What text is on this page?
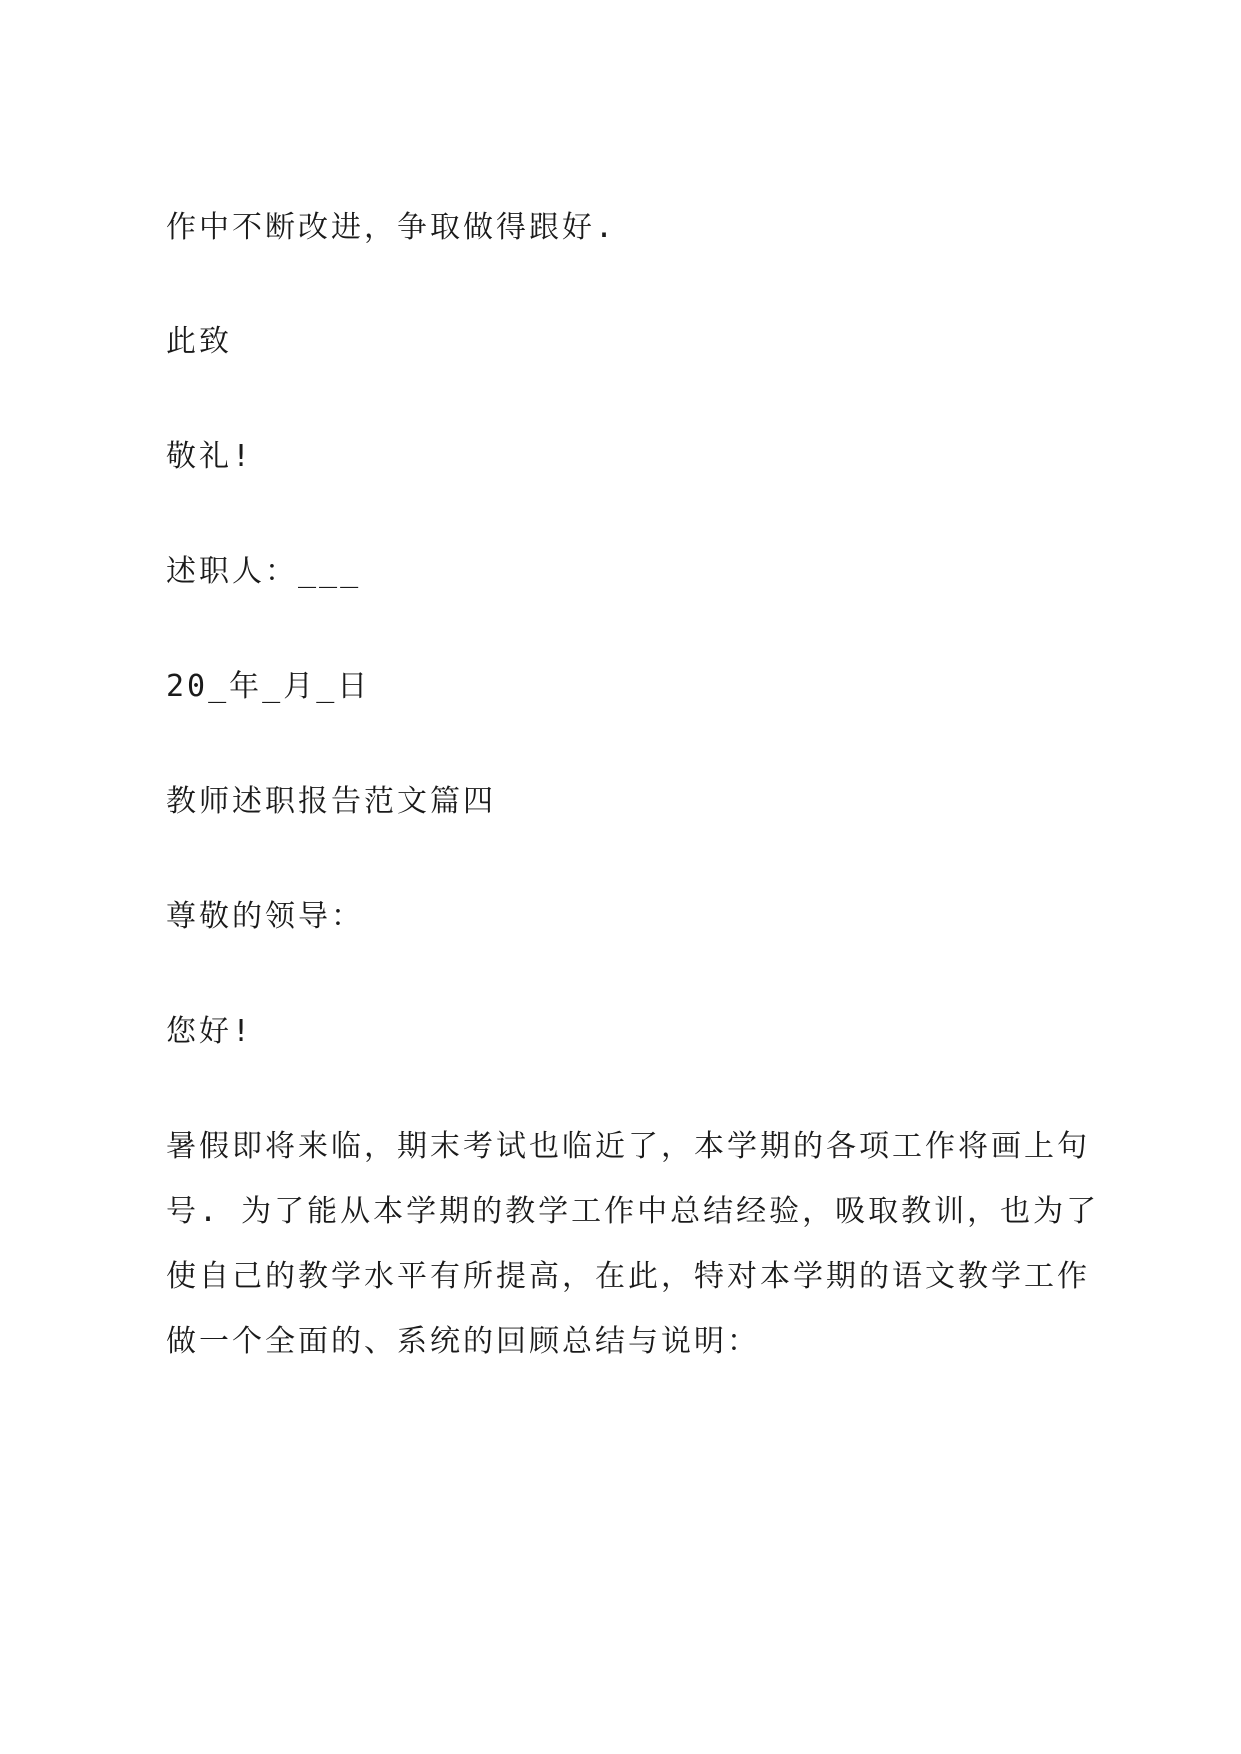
作中不断改进，争取做得跟好.
此致
敬礼!
述职人：___
20_年_月_日
教师述职报告范文篇四
尊敬的领导：
您好!
暑假即将来临，期末考试也临近了，本学期的各项工作将画上句
号. 为了能从本学期的教学工作中总结经验，吸取教训，也为了
使自己的教学水平有所提高，在此，特对本学期的语文教学工作
做一个全面的、系统的回顾总结与说明：
